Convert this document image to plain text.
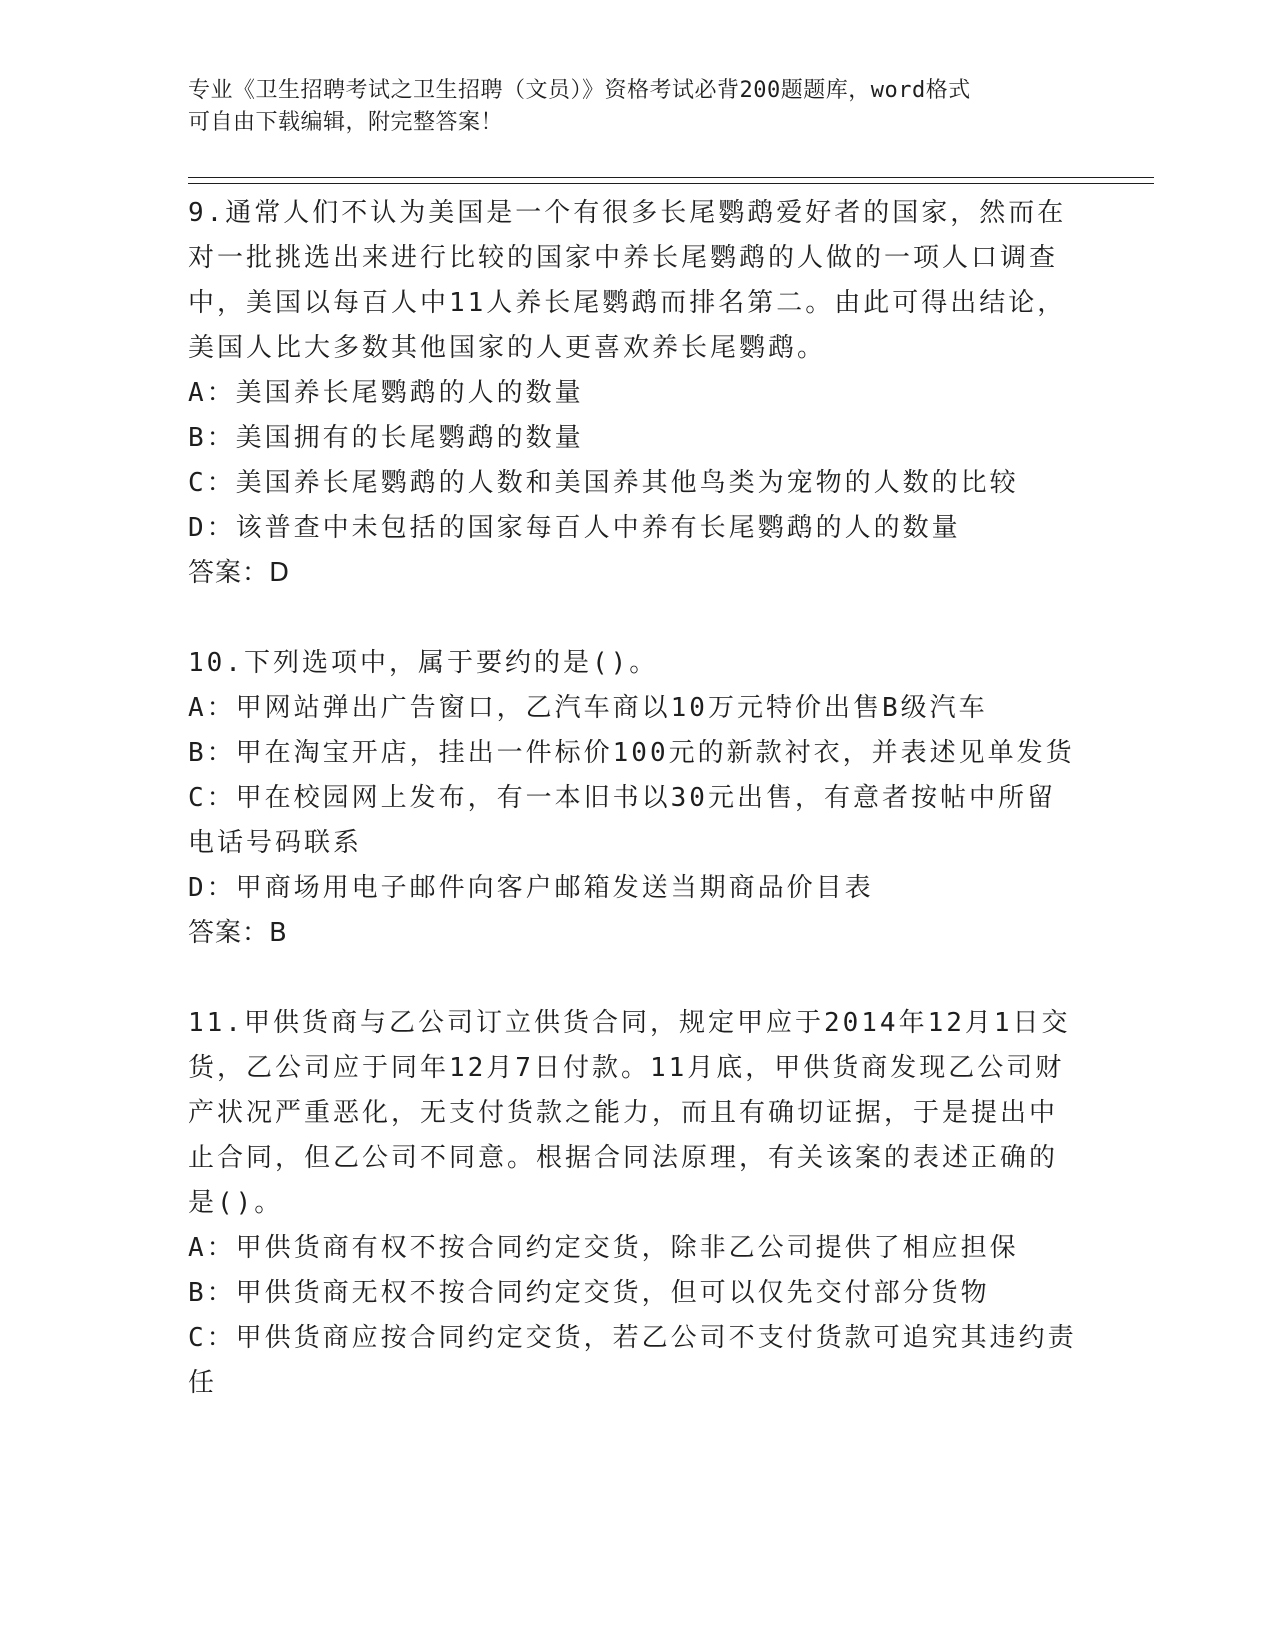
专业《卫生招聘考试之卫生招聘（文员）》资格考试必背200题题库，word格式
可自由下载编辑，附完整答案！

9.通常人们不认为美国是一个有很多长尾鹦鹉爱好者的国家，然而在对一批挑选出来进行比较的国家中养长尾鹦鹉的人做的一项人口调查中，美国以每百人中11人养长尾鹦鹉而排名第二。由此可得出结论，美国人比大多数其他国家的人更喜欢养长尾鹦鹉。

A：美国养长尾鹦鹉的人的数量

B：美国拥有的长尾鹦鹉的数量

C：美国养长尾鹦鹉的人数和美国养其他鸟类为宠物的人数的比较

D：该普查中未包括的国家每百人中养有长尾鹦鹉的人的数量

答案：D

10.下列选项中，属于要约的是()。

A：甲网站弹出广告窗口，乙汽车商以10万元特价出售B级汽车

B：甲在淘宝开店，挂出一件标价100元的新款衬衣，并表述见单发货

C：甲在校园网上发布，有一本旧书以30元出售，有意者按帖中所留电话号码联系

D：甲商场用电子邮件向客户邮箱发送当期商品价目表

答案：B

11.甲供货商与乙公司订立供货合同，规定甲应于2014年12月1日交货，乙公司应于同年12月7日付款。11月底，甲供货商发现乙公司财产状况严重恶化，无支付货款之能力，而且有确切证据，于是提出中止合同，但乙公司不同意。根据合同法原理，有关该案的表述正确的是()。

A：甲供货商有权不按合同约定交货，除非乙公司提供了相应担保

B：甲供货商无权不按合同约定交货，但可以仅先交付部分货物

C：甲供货商应按合同约定交货，若乙公司不支付货款可追究其违约责任
